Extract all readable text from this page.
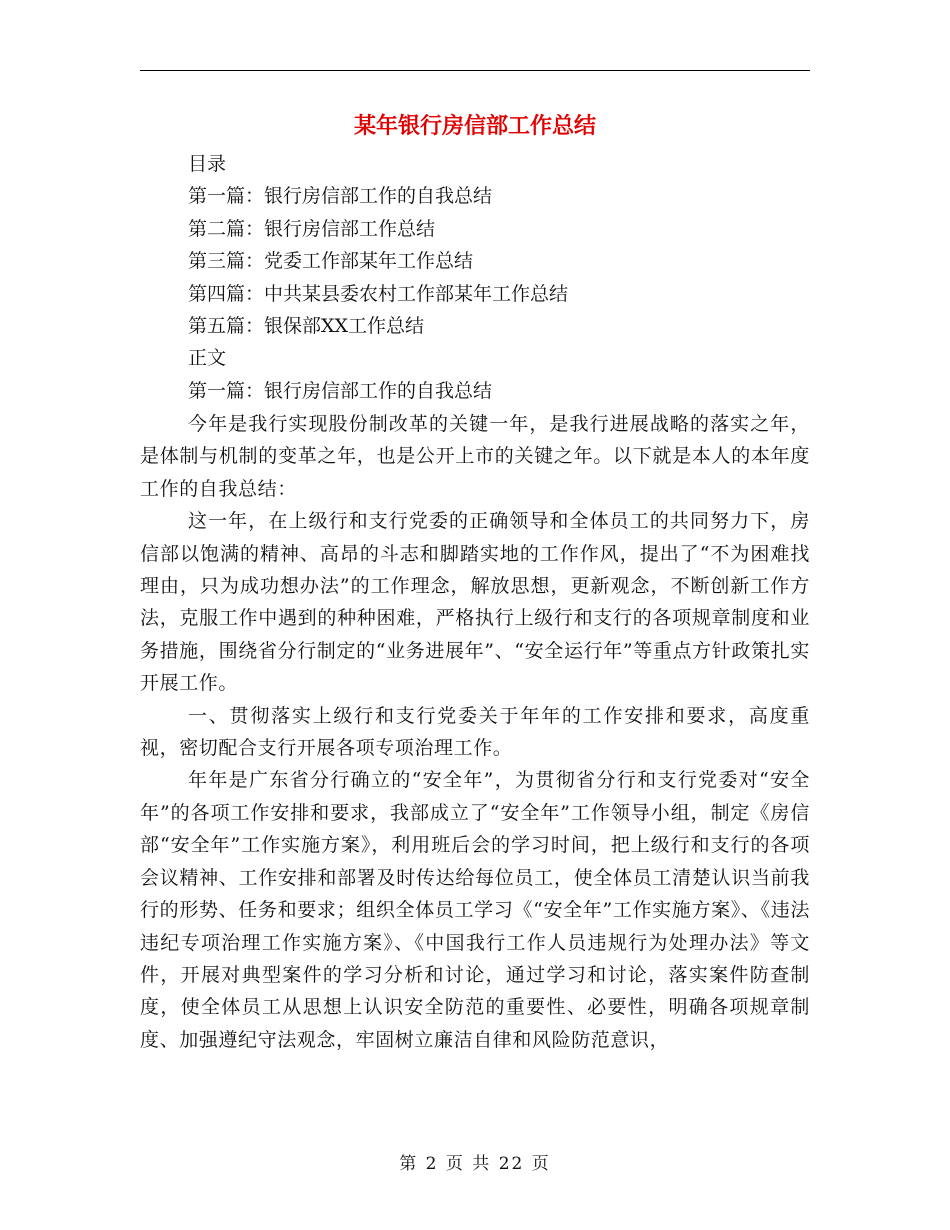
某年银行房信部工作总结
目录
第一篇：银行房信部工作的自我总结
第二篇：银行房信部工作总结
第三篇：党委工作部某年工作总结
第四篇：中共某县委农村工作部某年工作总结
第五篇：银保部XX工作总结
正文
第一篇：银行房信部工作的自我总结

今年是我行实现股份制改革的关键一年，是我行进展战略的落实之年，是体制与机制的变革之年，也是公开上市的关键之年。以下就是本人的本年度工作的自我总结：

这一年，在上级行和支行党委的正确领导和全体员工的共同努力下，房信部以饱满的精神、高昂的斗志和脚踏实地的工作作风，提出了“不为困难找理由，只为成功想办法”的工作理念，解放思想，更新观念，不断创新工作方法，克服工作中遇到的种种困难，严格执行上级行和支行的各项规章制度和业务措施，围绕省分行制定的“业务进展年”、“安全运行年”等重点方针政策扎实开展工作。

一、贯彻落实上级行和支行党委关于年年的工作安排和要求，高度重视，密切配合支行开展各项专项治理工作。

年年是广东省分行确立的“安全年”，为贯彻省分行和支行党委对“安全年”的各项工作安排和要求，我部成立了“安全年”工作领导小组，制定《房信部“安全年”工作实施方案》，利用班后会的学习时间，把上级行和支行的各项会议精神、工作安排和部署及时传达给每位员工，使全体员工清楚认识当前我行的形势、任务和要求；组织全体员工学习《“安全年”工作实施方案》、《违法违纪专项治理工作实施方案》、《中国我行工作人员违规行为处理办法》等文件，开展对典型案件的学习分析和讨论，通过学习和讨论，落实案件防查制度，使全体员工从思想上认识安全防范的重要性、必要性，明确各项规章制度、加强遵纪守法观念，牢固树立廉洁自律和风险防范意识，

第 2 页 共 22 页
